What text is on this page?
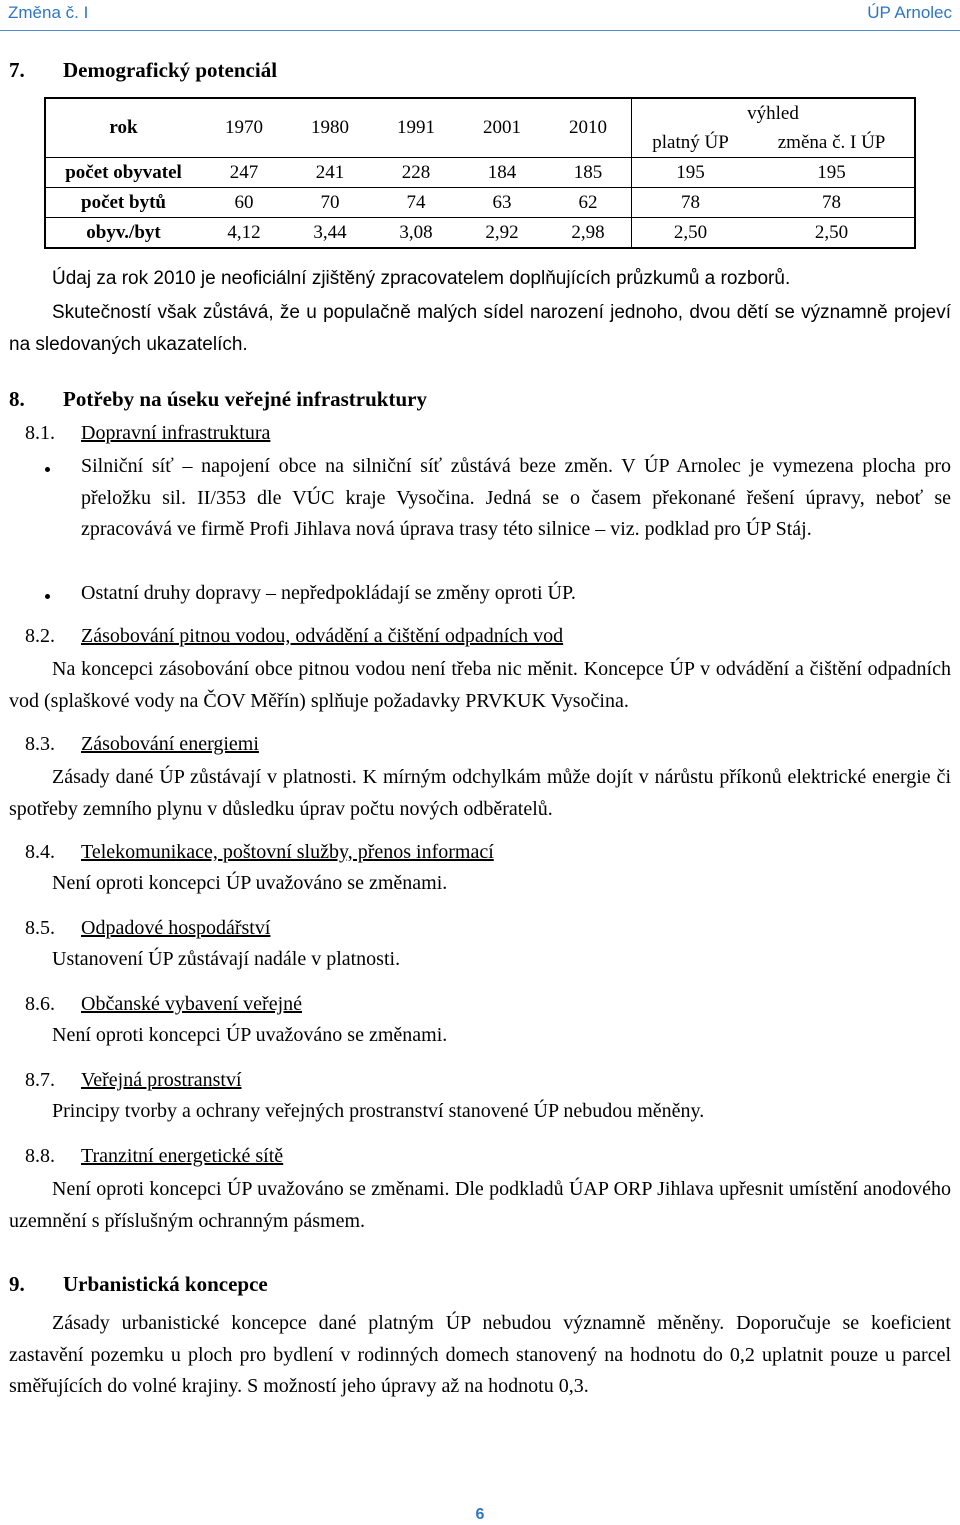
Změna č. I	ÚP Arnolec
7. Demografický potenciál
rok	1970	1980	1991	2001	2010	výhled	
						platný ÚP	změna č. I ÚP
počet obyvatel	247	241	228	184	185	195	195
počet bytů	60	70	74	63	62	78	78
obyv./byt	4,12	3,44	3,08	2,92	2,98	2,50	2,50
Údaj za rok 2010 je neoficiální zjištěný zpracovatelem doplňujících průzkumů a rozborů.
Skutečností však zůstává, že u populačně malých sídel narození jednoho, dvou dětí se významně projeví na sledovaných ukazatelích.
8. Potřeby na úseku veřejné infrastruktury
8.1. Dopravní infrastruktura
Silniční síť – napojení obce na silniční síť zůstává beze změn. V ÚP Arnolec je vymezena plocha pro přeložku sil. II/353 dle VÚC kraje Vysočina. Jedná se o časem překonané řešení úpravy, neboť se zpracovává ve firmě Profi Jihlava nová úprava trasy této silnice – viz. podklad pro ÚP Stáj.
Ostatní druhy dopravy – nepředpokládají se změny oproti ÚP.
8.2. Zásobování pitnou vodou, odvádění a čištění odpadních vod
Na koncepci zásobování obce pitnou vodou není třeba nic měnit. Koncepce ÚP v odvádění a čištění odpadních vod (splaškové vody na ČOV Měřín) splňuje požadavky PRVKUK Vysočina.
8.3. Zásobování energiemi
Zásady dané ÚP zůstávají v platnosti. K mírným odchylkám může dojít v nárůstu příkonů elektrické energie či spotřeby zemního plynu v důsledku úprav počtu nových odběratelů.
8.4. Telekomunikace, poštovní služby, přenos informací
Není oproti koncepci ÚP uvažováno se změnami.
8.5. Odpadové hospodářství
Ustanovení ÚP zůstávají nadále v platnosti.
8.6. Občanské vybavení veřejné
Není oproti koncepci ÚP uvažováno se změnami.
8.7. Veřejná prostranství
Principy tvorby a ochrany veřejných prostranství stanovené ÚP nebudou měněny.
8.8. Tranzitní energetické sítě
Není oproti koncepci ÚP uvažováno se změnami. Dle podkladů ÚAP ORP Jihlava upřesnit umístění anodového uzemnění s příslušným ochranným pásmem.
9. Urbanistická koncepce
Zásady urbanistické koncepce dané platným ÚP nebudou významně měněny. Doporučuje se koeficient zastavění pozemku u ploch pro bydlení v rodinných domech stanovený na hodnotu do 0,2 uplatnit pouze u parcel směřujících do volné krajiny. S možností jeho úpravy až na hodnotu 0,3.
6
